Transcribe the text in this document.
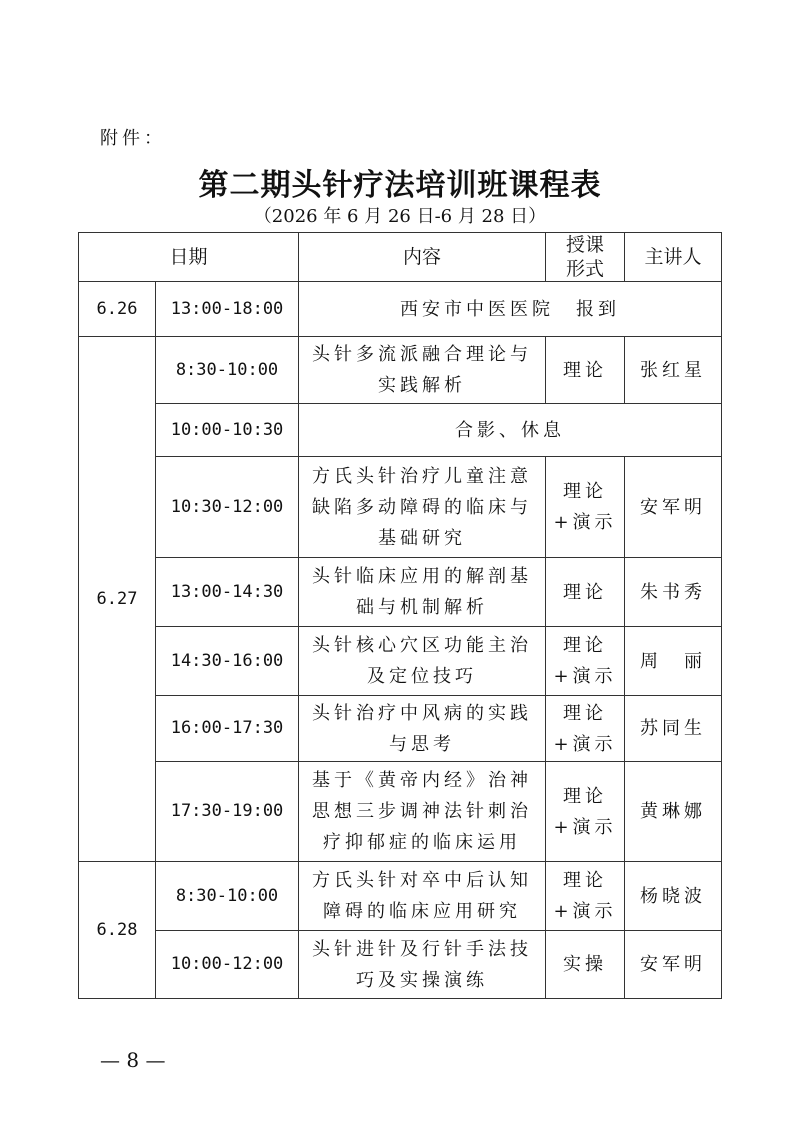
附件：
第二期头针疗法培训班课程表
（2026 年 6 月 26 日-6 月 28 日）
日期		内容	授课形式	主讲人
6.26	13:00-18:00	西安市中医医院　报到		
6.27	8:30-10:00	头针多流派融合理论与实践解析	理论	张红星
	10:00-10:30	合影、休息		
	10:30-12:00	方氏头针治疗儿童注意缺陷多动障碍的临床与基础研究	理论+演示	安军明
	13:00-14:30	头针临床应用的解剖基础与机制解析	理论	朱书秀
	14:30-16:00	头针核心穴区功能主治及定位技巧	理论+演示	周　丽
	16:00-17:30	头针治疗中风病的实践与思考	理论+演示	苏同生
	17:30-19:00	基于《黄帝内经》治神思想三步调神法针刺治疗抑郁症的临床运用	理论+演示	黄琳娜
6.28	8:30-10:00	方氏头针对卒中后认知障碍的临床应用研究	理论+演示	杨晓波
	10:00-12:00	头针进针及行针手法技巧及实操演练	实操	安军明
— 8 —
